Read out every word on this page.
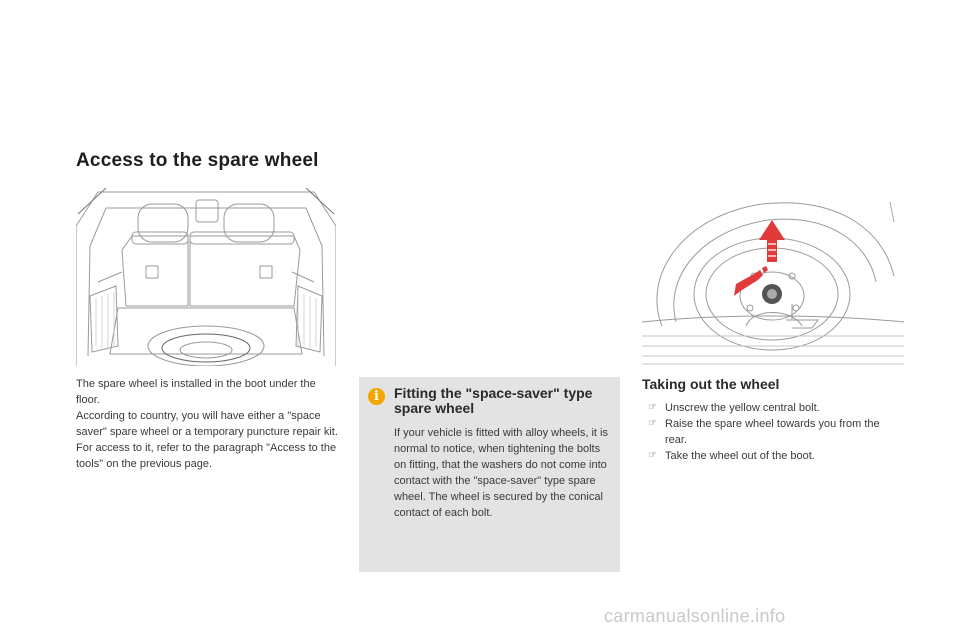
Access to the spare wheel

The spare wheel is installed in the boot under the floor.

According to country, you will have either a "space saver" spare wheel or a temporary puncture repair kit.

For access to it, refer to the paragraph "Access to the tools" on the previous page.

i	Fitting the "space-saver" type spare wheel
If your vehicle is fitted with alloy wheels, it is normal to notice, when tightening the bolts on fitting, that the washers do not come into contact with the "space-saver" type spare wheel. The wheel is secured by the conical contact of each bolt.
Taking out the wheel
☞ Unscrew the yellow central bolt.
☞ Raise the spare wheel towards you from the rear.
☞ Take the wheel out of the boot.
carmanualsonline.info
